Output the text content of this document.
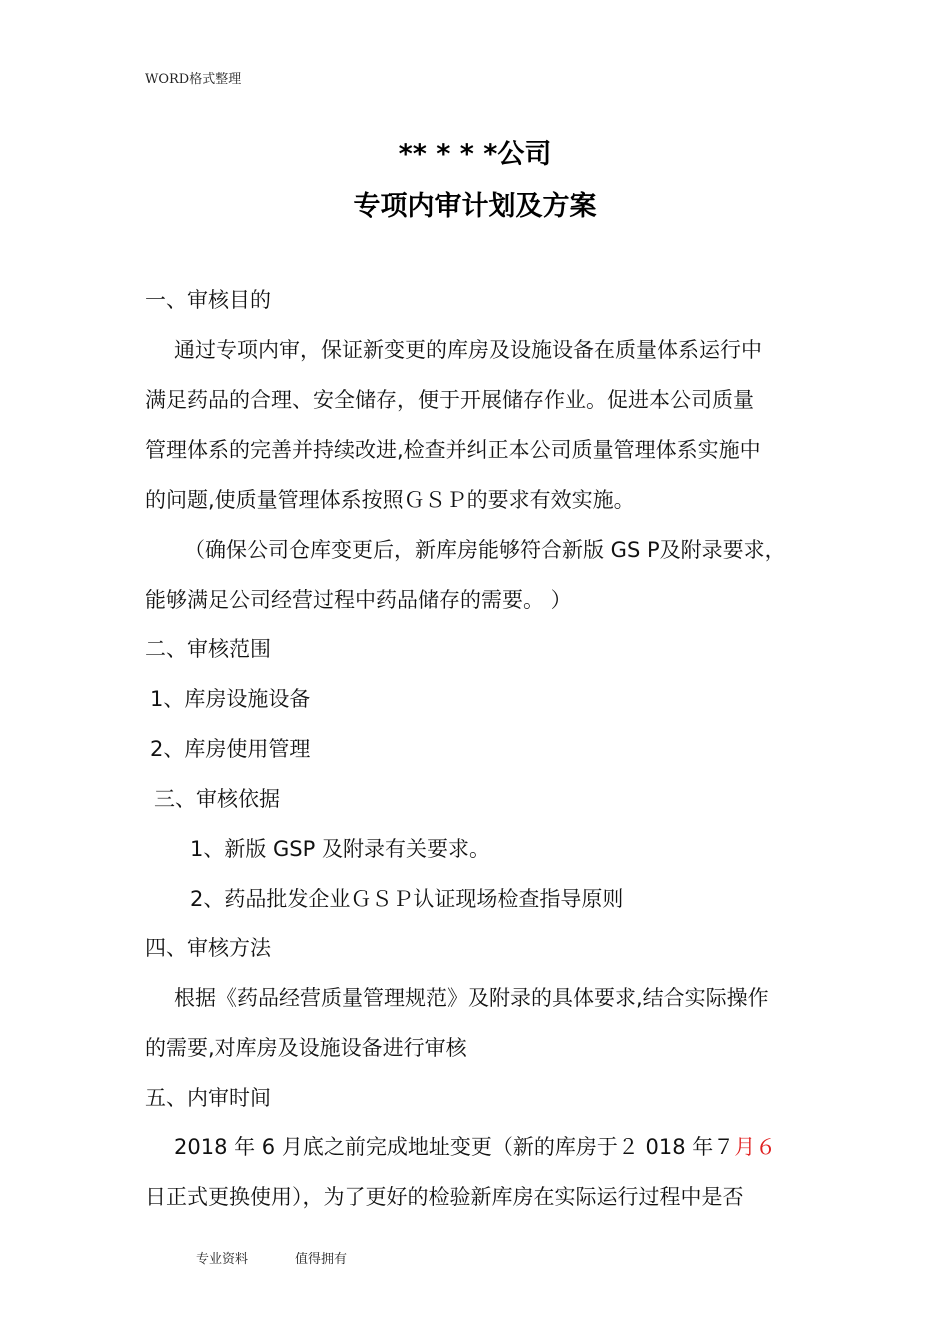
WORD格式整理
** * * *公司
专项内审计划及方案
一、审核目的
通过专项内审，保证新变更的库房及设施设备在质量体系运行中
满足药品的合理、安全储存，便于开展储存作业。促进本公司质量
管理体系的完善并持续改进,检查并纠正本公司质量管理体系实施中
的问题,使质量管理体系按照ＧＳＰ的要求有效实施。
（确保公司仓库变更后，新库房能够符合新版 GS P及附录要求，
能够满足公司经营过程中药品储存的需要。 ）
二、审核范围
1、库房设施设备
2、库房使用管理
三、审核依据
1、新版 GSP 及附录有关要求。
2、药品批发企业ＧＳＰ认证现场检查指导原则
四、审核方法
根据《药品经营质量管理规范》及附录的具体要求,结合实际操作
的需要,对库房及设施设备进行审核
五、内审时间
2018 年 6 月底之前完成地址变更（新的库房于２ 018 年７月６
日正式更换使用），为了更好的检验新库房在实际运行过程中是否
专业资料	值得拥有
